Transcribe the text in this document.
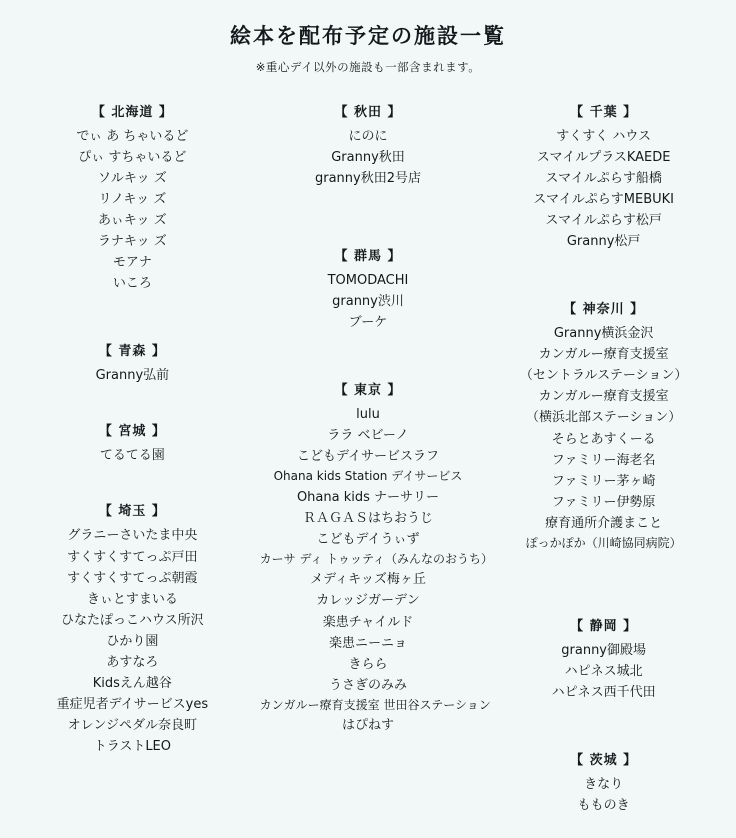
絵本を配布予定の施設一覧
※重心デイ以外の施設も一部含まれます。
【 北海道 】
でぃ あ ちゃいるど
ぴぃ すちゃいるど
ソルキッ ズ
リノキッ ズ
あぃキッ ズ
ラナキッ ズ
モアナ
いころ
【 青森 】
Granny弘前
【 宮城 】
てるてる園
【 埼玉 】
グラニーさいたま中央
すくすくすてっぷ戸田
すくすくすてっぷ朝霞
きぃとすまいる
ひなたぽっこハウス所沢
ひかり園
あすなろ
Kidsえん越谷
重症児者デイサービスyes
オレンジペダル奈良町
トラストLEO
【 秋田 】
にのに
Granny秋田
granny秋田2号店
【 群馬 】
TOMODACHI
granny渋川
ブーケ
【 東京 】
lulu
ララ ベビーノ
こどもデイサービスラフ
Ohana kids Station デイサービス
Ohana kids ナーサリー
ＲＡＧＡＳはちおうじ
こどもデイうぃず
カーサ ディ トゥッティ（みんなのおうち）
メディキッズ梅ヶ丘
カレッジガーデン
楽患チャイルド
楽患ニーニョ
きらら
うさぎのみみ
カンガルー療育支援室 世田谷ステーション
はぴねす
【 千葉 】
すくすく ハウス
スマイルプラスKAEDE
スマイルぷらす船橋
スマイルぷらすMEBUKI
スマイルぷらす松戸
Granny松戸
【 神奈川 】
Granny横浜金沢
カンガルー療育支援室
（セントラルステーション）
カンガルー療育支援室
（横浜北部ステーション）
そらとあすくーる
ファミリー海老名
ファミリー茅ヶ崎
ファミリー伊勢原
療育通所介護まこと
ぽっかぽか（川崎協同病院）
【 静岡 】
granny御殿場
ハピネス城北
ハピネス西千代田
【 茨城 】
きなり
もものき
